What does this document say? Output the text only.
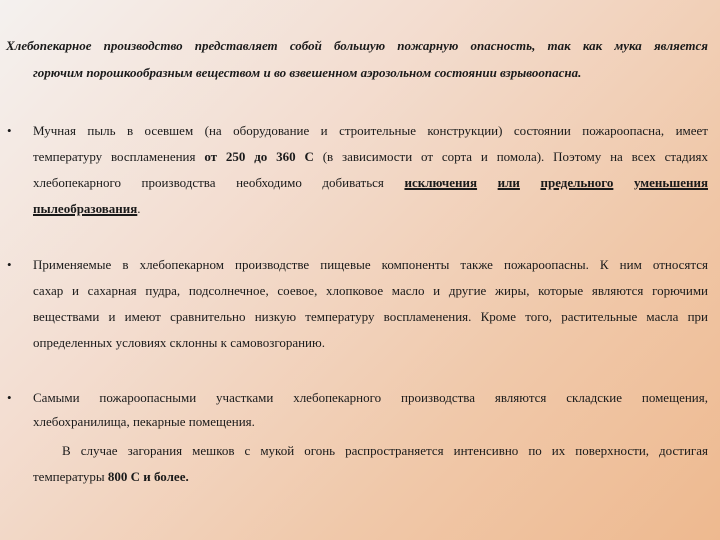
Хлебопекарное производство представляет собой большую пожарную опасность, так как мука является
горючим порошкообразным веществом и во взвешенном аэрозольном состоянии взрывоопасна.
• Мучная пыль в осевшем (на оборудование и строительные конструкции) состоянии пожароопасна, имеет
температуру воспламенения от 250 до 360 С (в зависимости от сорта и помола). Поэтому на всех стадиях
хлебопекарного производства необходимо добиваться исключения или предельного уменьшения
пылеобразования.
• Применяемые в хлебопекарном производстве пищевые компоненты также пожароопасны. К ним относятся
сахар и сахарная пудра, подсолнечное, соевое, хлопковое масло и другие жиры, которые являются горючими
веществами и имеют сравнительно низкую температуру воспламенения. Кроме того, растительные масла при
определенных условиях склонны к самовозгоранию.
• Самыми пожароопасными участками хлебопекарного производства являются складские помещения,
хлебохранилища, пекарные помещения.
В случае загорания мешков с мукой огонь распространяется интенсивно по их поверхности, достигая
температуры 800 С и более.
